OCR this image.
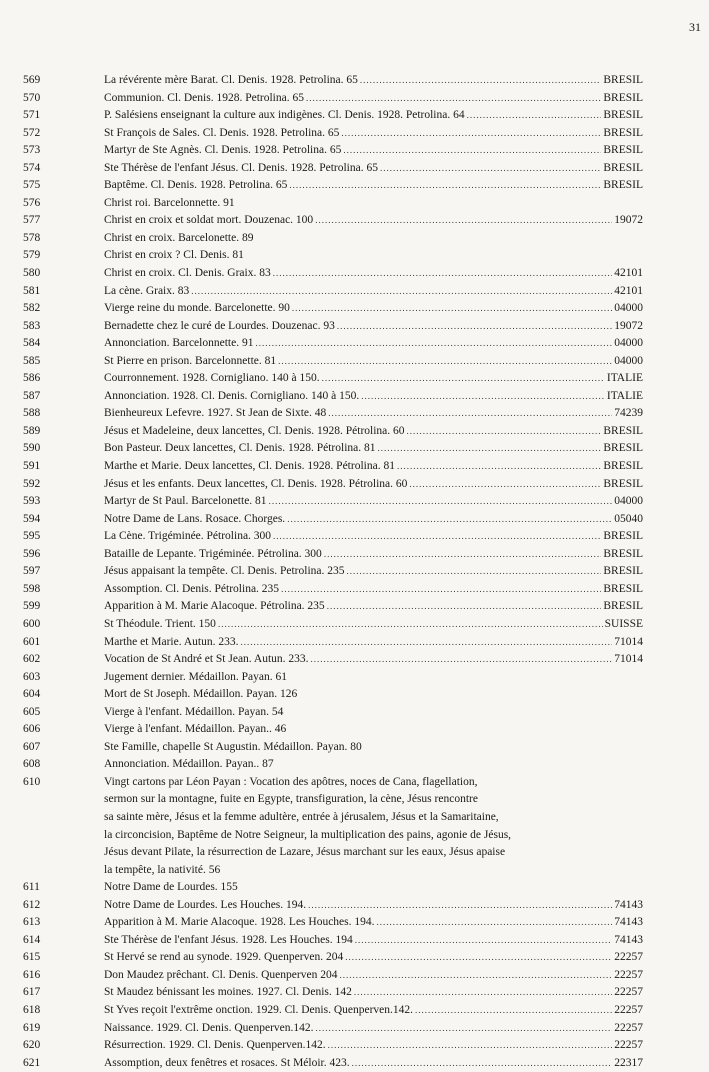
31
569	La révérente mère Barat. Cl. Denis. 1928. Petrolina. 65 .....	BRESIL
570	Communion. Cl. Denis. 1928. Petrolina. 65 .....	BRESIL
571	P. Salésiens enseignant la culture aux indigènes. Cl. Denis. 1928. Petrolina. 64 .....	BRESIL
572	St François de Sales. Cl. Denis. 1928. Petrolina. 65 .....	BRESIL
573	Martyr de Ste Agnès. Cl. Denis. 1928. Petrolina. 65 .....	BRESIL
574	Ste Thérèse de l'enfant Jésus. Cl. Denis. 1928. Petrolina. 65 .....	BRESIL
575	Baptême. Cl. Denis. 1928. Petrolina. 65 .....	BRESIL
576	Christ roi. Barcelonnette. 91
577	Christ en croix et soldat mort. Douzenac. 100 .....	19072
578	Christ en croix. Barcelonette. 89
579	Christ en croix ? Cl. Denis. 81
580	Christ en croix. Cl. Denis. Graix. 83 .....	42101
581	La cène. Graix. 83 .....	42101
582	Vierge reine du monde. Barcelonette. 90 .....	04000
583	Bernadette chez le curé de Lourdes. Douzenac. 93 .....	19072
584	Annonciation. Barcelonnette. 91 .....	04000
585	St Pierre en prison. Barcelonnette. 81 .....	04000
586	Courronnement. 1928. Cornigliano. 140 à 150. .....	ITALIE
587	Annonciation. 1928. Cl. Denis. Cornigliano. 140 à 150. .....	ITALIE
588	Bienheureux Lefevre. 1927. St Jean de Sixte. 48 .....	74239
589	Jésus et Madeleine, deux lancettes, Cl. Denis. 1928. Pétrolina. 60 .....	BRESIL
590	Bon Pasteur. Deux lancettes, Cl. Denis. 1928. Pétrolina. 81 .....	BRESIL
591	Marthe et Marie. Deux lancettes, Cl. Denis. 1928. Pétrolina. 81 .....	BRESIL
592	Jésus et les enfants. Deux lancettes, Cl. Denis. 1928. Pétrolina. 60 .....	BRESIL
593	Martyr de St Paul. Barcelonette. 81 .....	04000
594	Notre Dame de Lans. Rosace. Chorges. .....	05040
595	La Cène. Trigéminée. Pétrolina. 300 .....	BRESIL
596	Bataille de Lepante. Trigéminée. Pétrolina. 300 .....	BRESIL
597	Jésus appaisant la tempête. Cl. Denis. Petrolina. 235 .....	BRESIL
598	Assomption. Cl. Denis. Pétrolina. 235 .....	BRESIL
599	Apparition à M. Marie Alacoque. Pétrolina. 235 .....	BRESIL
600	St Théodule. Trient. 150 .....	SUISSE
601	Marthe et Marie. Autun. 233. .....	71014
602	Vocation de St André et St Jean. Autun. 233. .....	71014
603	Jugement dernier. Médaillon. Payan. 61
604	Mort de St Joseph. Médaillon. Payan. 126
605	Vierge à l'enfant. Médaillon. Payan. 54
606	Vierge à l'enfant. Médaillon. Payan.. 46
607	Ste Famille, chapelle St Augustin. Médaillon. Payan. 80
608	Annonciation. Médaillon. Payan.. 87
610	Vingt cartons par Léon Payan : Vocation des apôtres, noces de Cana, flagellation,
sermon sur la montagne, fuite en Egypte, transfiguration, la cène, Jésus rencontre
sa sainte mère, Jésus et la femme adultère, entrée à jérusalem, Jésus et la Samaritaine,
la circoncision, Baptême de Notre Seigneur, la multiplication des pains, agonie de Jésus,
Jésus devant Pilate, la résurrection de Lazare, Jésus marchant sur les eaux, Jésus apaise
la tempête, la nativité. 56
611	Notre Dame de Lourdes. 155
612	Notre Dame de Lourdes. Les Houches. 194. .....	74143
613	Apparition à M. Marie Alacoque. 1928. Les Houches. 194. .....	74143
614	Ste Thérèse de l'enfant Jésus. 1928. Les Houches. 194 .....	74143
615	St Hervé se rend au synode. 1929. Quenperven. 204 .....	22257
616	Don Maudez prêchant. Cl. Denis. Quenperven 204 .....	22257
617	St Maudez bénissant les moines. 1927. Cl. Denis. 142 .....	22257
618	St Yves reçoit l'extrême onction. 1929. Cl. Denis. Quenperven.142. .....	22257
619	Naissance. 1929. Cl. Denis. Quenperven.142. .....	22257
620	Résurrection. 1929. Cl. Denis. Quenperven.142. .....	22257
621	Assomption, deux fenêtres et rosaces. St Méloir. 423. .....	22317
